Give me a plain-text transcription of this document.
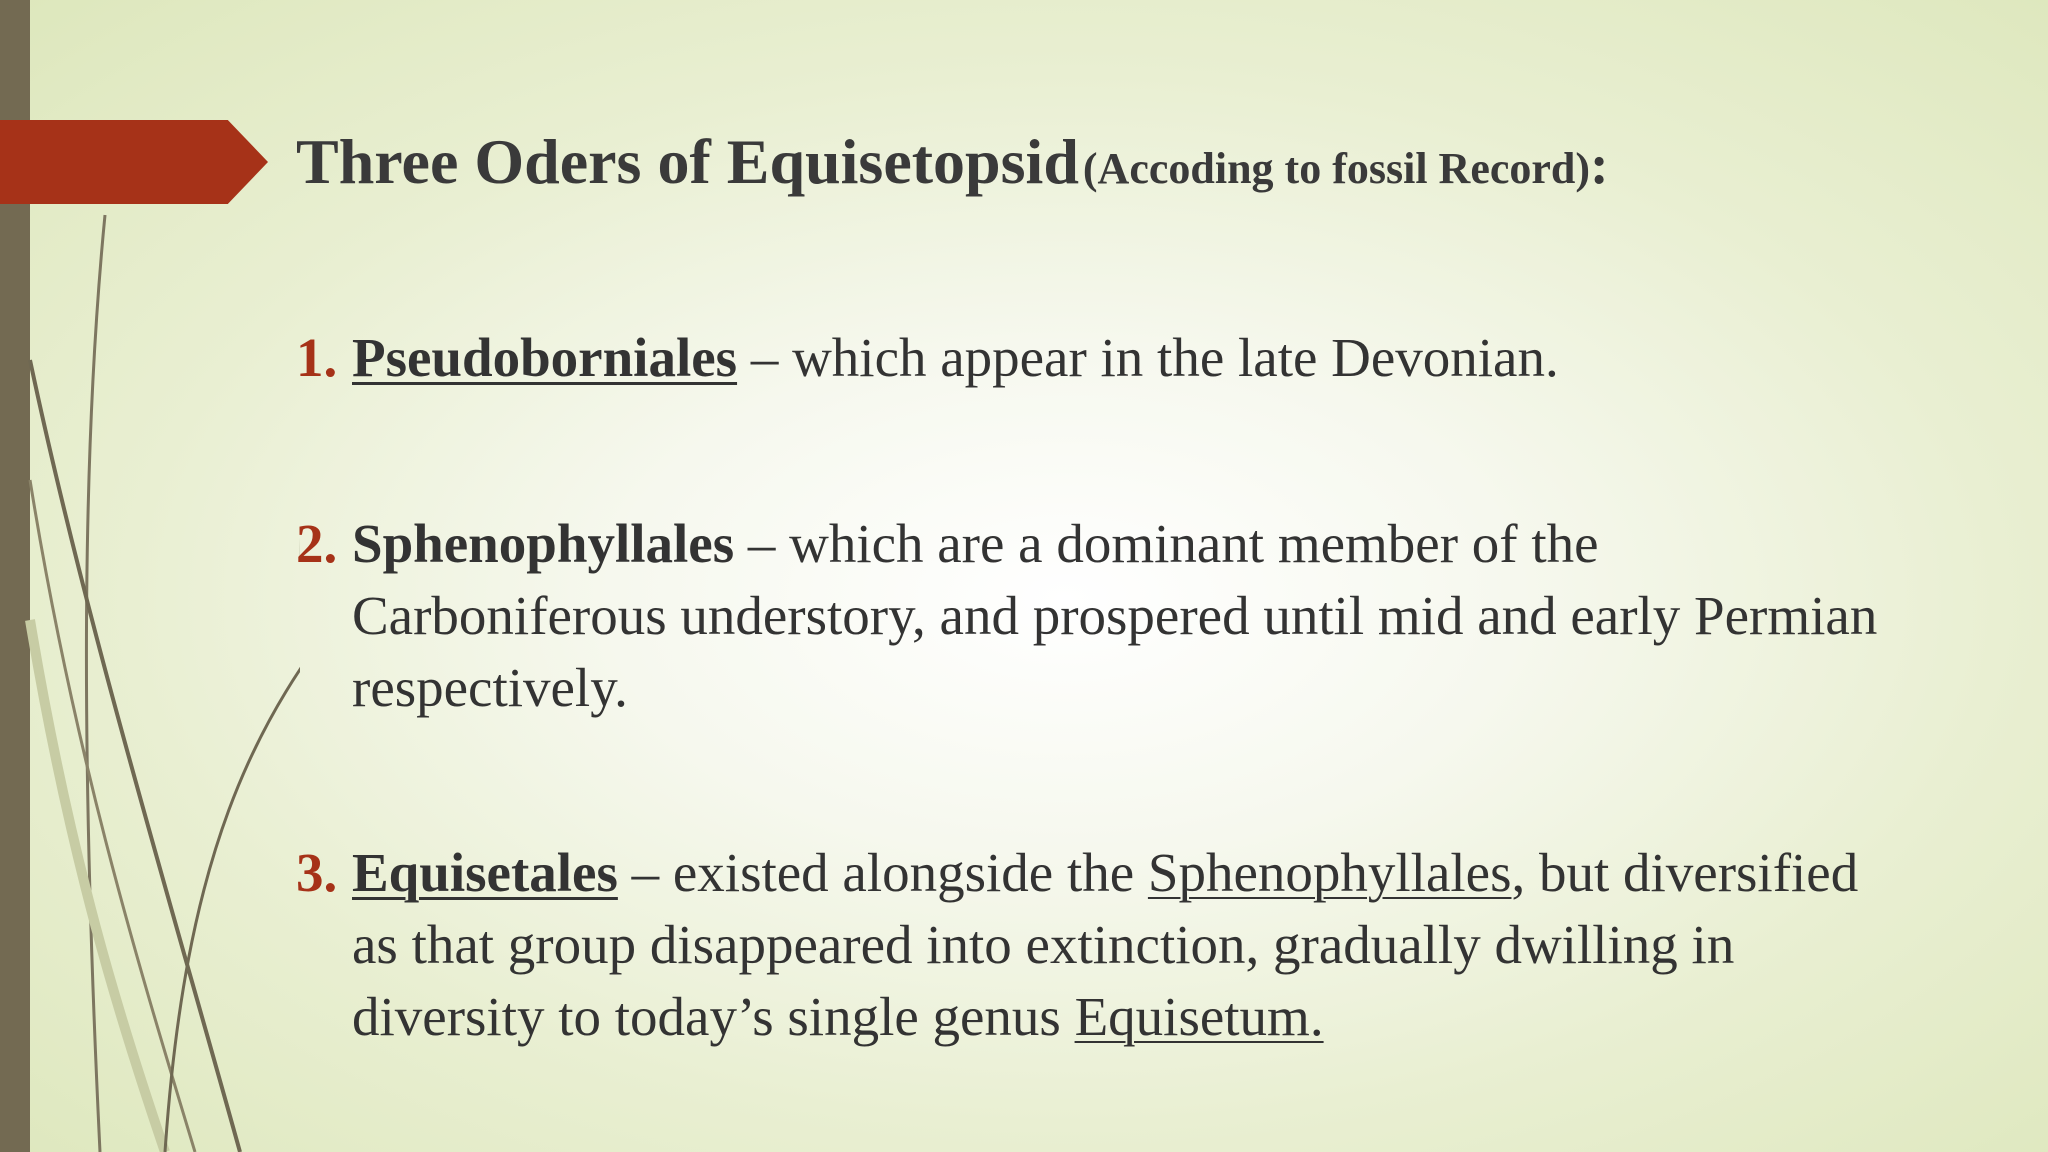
Three Oders of Equisetopsid (Accoding to fossil Record):
1. Pseudoborniales – which appear in the late Devonian.
2. Sphenophyllales – which are a dominant member of the Carboniferous understory, and prospered until mid and early Permian respectively.
3. Equisetales – existed alongside the Sphenophyllales, but diversified as that group disappeared into extinction, gradually dwilling in diversity to today’s single genus Equisetum.
